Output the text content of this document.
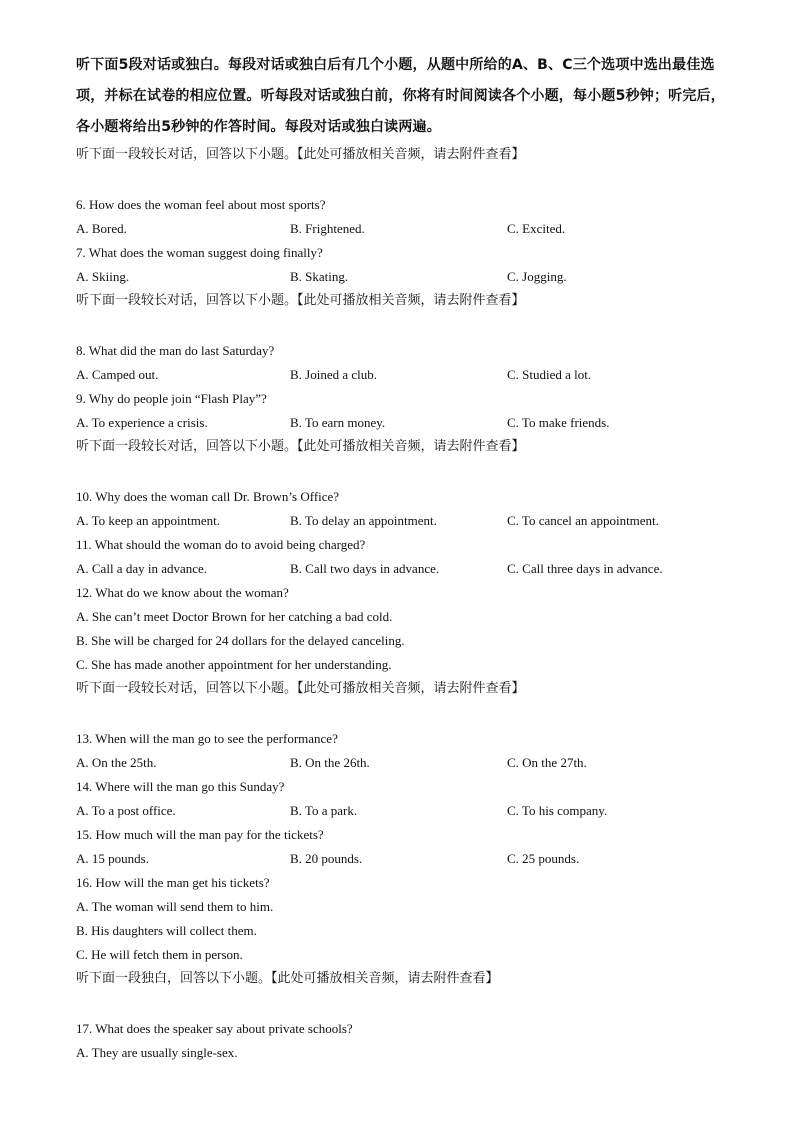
听下面5段对话或独白。每段对话或独白后有几个小题，从题中所给的A、B、C三个选项中选出最佳选项，并标在试卷的相应位置。听每段对话或独白前，你将有时间阅读各个小题，每小题5秒钟；听完后，各小题将给出5秒钟的作答时间。每段对话或独白读两遍。

听下面一段较长对话，回答以下小题。【此处可播放相关音频，请去附件查看】

6. How does the woman feel about most sports?

A. Bored.	B. Frightened.	C. Excited.

7. What does the woman suggest doing finally?

A. Skiing.	B. Skating.	C. Jogging.

听下面一段较长对话，回答以下小题。【此处可播放相关音频，请去附件查看】

8. What did the man do last Saturday?

A. Camped out.	B. Joined a club.	C. Studied a lot.

9. Why do people join “Flash Play”?

A. To experience a crisis.	B. To earn money.	C. To make friends.

听下面一段较长对话，回答以下小题。【此处可播放相关音频，请去附件查看】

10. Why does the woman call Dr. Brown’s Office?

A. To keep an appointment.	B. To delay an appointment.	C. To cancel an appointment.

11. What should the woman do to avoid being charged?

A. Call a day in advance.	B. Call two days in advance.	C. Call three days in advance.

12. What do we know about the woman?

A. She can’t meet Doctor Brown for her catching a bad cold.

B. She will be charged for 24 dollars for the delayed canceling.

C. She has made another appointment for her understanding.

听下面一段较长对话，回答以下小题。【此处可播放相关音频，请去附件查看】

13. When will the man go to see the performance?

A. On the 25th.	B. On the 26th.	C. On the 27th.

14. Where will the man go this Sunday?

A. To a post office.	B. To a park.	C. To his company.

15. How much will the man pay for the tickets?

A. 15 pounds.	B. 20 pounds.	C. 25 pounds.

16. How will the man get his tickets?

A. The woman will send them to him.

B. His daughters will collect them.

C. He will fetch them in person.

听下面一段独白，回答以下小题。【此处可播放相关音频，请去附件查看】

17. What does the speaker say about private schools?

A. They are usually single-sex.
